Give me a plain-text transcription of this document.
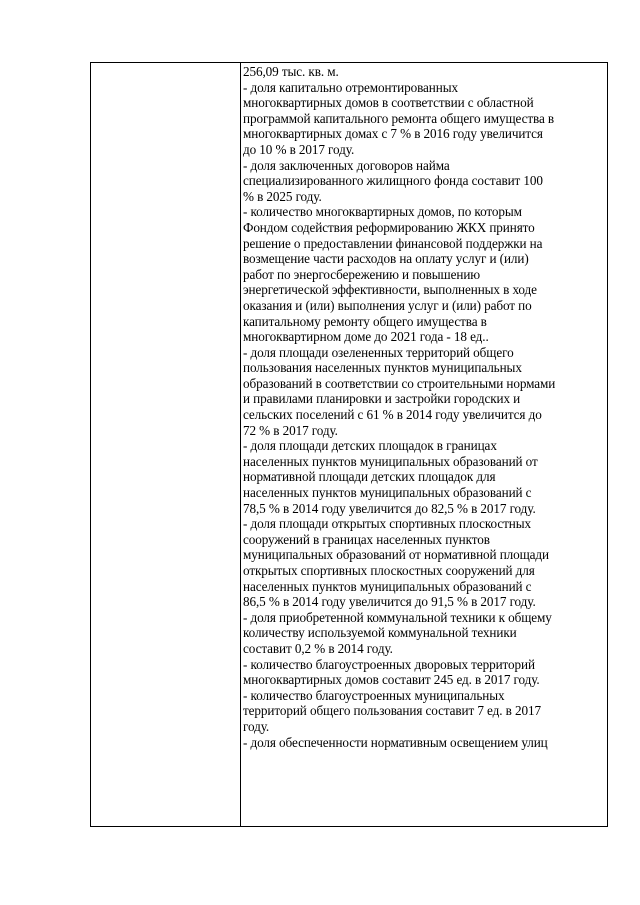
256,09 тыс. кв. м.
- доля капитально отремонтированных
многоквартирных домов в соответствии с областной
программой капитального ремонта общего имущества в
многоквартирных домах с 7 % в 2016 году увеличится
до 10 % в 2017 году.
- доля заключенных договоров найма
специализированного жилищного фонда составит 100
% в 2025 году.
- количество многоквартирных домов, по которым
Фондом содействия реформированию ЖКХ принято
решение о предоставлении финансовой поддержки на
возмещение части расходов на оплату услуг и (или)
работ по энергосбережению и повышению
энергетической эффективности, выполненных в ходе
оказания и (или) выполнения услуг и (или) работ по
капитальному ремонту общего имущества в
многоквартирном доме до 2021 года - 18 ед..
- доля площади озелененных территорий общего
пользования населенных пунктов муниципальных
образований в соответствии со строительными нормами
и правилами планировки и застройки городских и
сельских поселений с 61 % в 2014 году увеличится до
72 % в 2017 году.
- доля площади детских площадок в границах
населенных пунктов муниципальных образований от
нормативной площади детских площадок для
населенных пунктов муниципальных образований с
78,5 % в 2014 году увеличится до 82,5 % в 2017 году.
- доля площади открытых спортивных плоскостных
сооружений в границах населенных пунктов
муниципальных образований от нормативной площади
открытых спортивных плоскостных сооружений для
населенных пунктов муниципальных образований с
86,5 % в 2014 году увеличится до 91,5 % в 2017 году.
- доля приобретенной коммунальной техники к общему
количеству используемой коммунальной техники
составит 0,2 % в 2014 году.
- количество благоустроенных дворовых территорий
многоквартирных домов составит 245 ед. в 2017 году.
- количество благоустроенных муниципальных
территорий общего пользования составит 7 ед. в 2017
году.
- доля обеспеченности нормативным освещением улиц
